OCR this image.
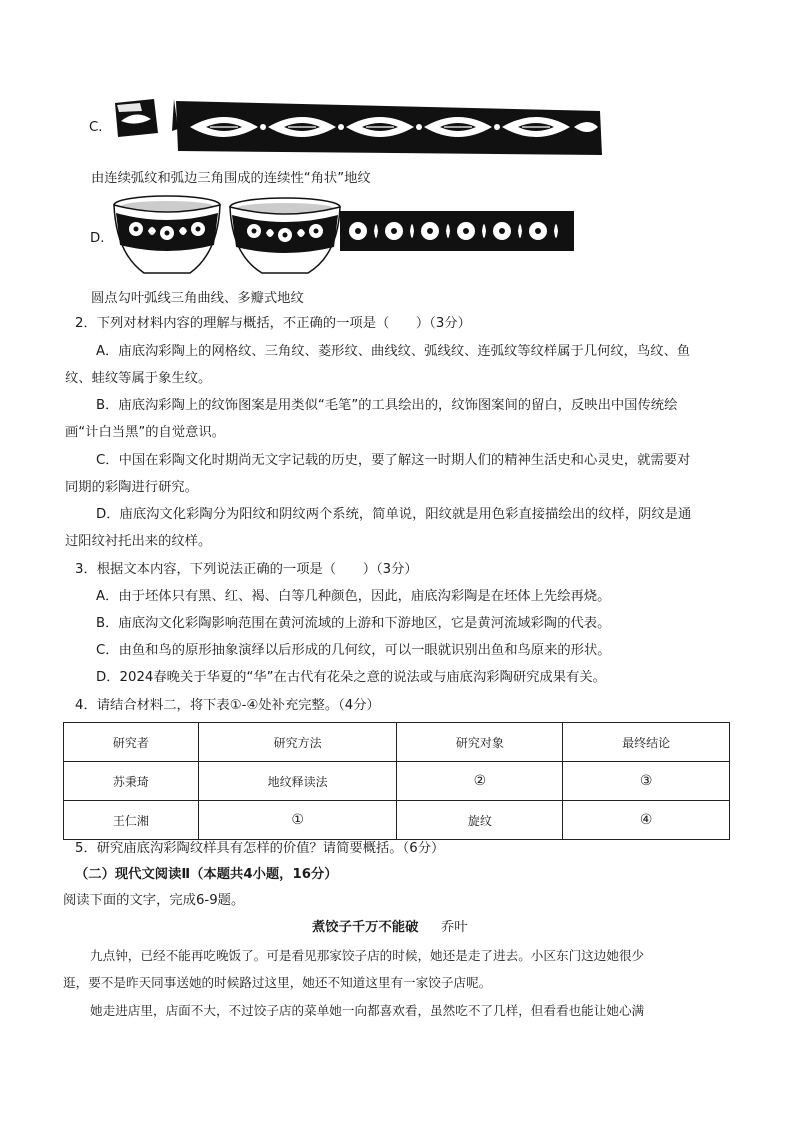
C.
由连续弧纹和弧边三角围成的连续性“角状”地纹
D.
圆点勾叶弧线三角曲线、多瓣式地纹
2．下列对材料内容的理解与概括，不正确的一项是（　　）（3分）
A．庙底沟彩陶上的网格纹、三角纹、菱形纹、曲线纹、弧线纹、连弧纹等纹样属于几何纹，鸟纹、鱼
纹、蛙纹等属于象生纹。
B．庙底沟彩陶上的纹饰图案是用类似“毛笔”的工具绘出的，纹饰图案间的留白，反映出中国传统绘
画“计白当黑”的自觉意识。
C．中国在彩陶文化时期尚无文字记载的历史，要了解这一时期人们的精神生活史和心灵史，就需要对
同期的彩陶进行研究。
D．庙底沟文化彩陶分为阳纹和阴纹两个系统，简单说，阳纹就是用色彩直接描绘出的纹样，阴纹是通
过阳纹衬托出来的纹样。
3．根据文本内容，下列说法正确的一项是（　　）（3分）
A．由于坯体只有黑、红、褐、白等几种颜色，因此，庙底沟彩陶是在坯体上先绘再烧。
B．庙底沟文化彩陶影响范围在黄河流域的上游和下游地区，它是黄河流域彩陶的代表。
C．由鱼和鸟的原形抽象演绎以后形成的几何纹，可以一眼就识别出鱼和鸟原来的形状。
D．2024春晚关于华夏的“华”在古代有花朵之意的说法或与庙底沟彩陶研究成果有关。
4．请结合材料二，将下表①-④处补充完整。（4分）
研究者	研究方法	研究对象	最终结论
苏秉琦	地纹释读法	②	③
王仁湘	①	旋纹	④
5．研究庙底沟彩陶纹样具有怎样的价值？请简要概括。（6分）
（二）现代文阅读Ⅱ（本题共4小题，16分）
阅读下面的文字，完成6-9题。
煮饺子千万不能破 乔叶
九点钟，已经不能再吃晚饭了。可是看见那家饺子店的时候，她还是走了进去。小区东门这边她很少
逛，要不是昨天同事送她的时候路过这里，她还不知道这里有一家饺子店呢。
她走进店里，店面不大，不过饺子店的菜单她一向都喜欢看，虽然吃不了几样，但看看也能让她心满
